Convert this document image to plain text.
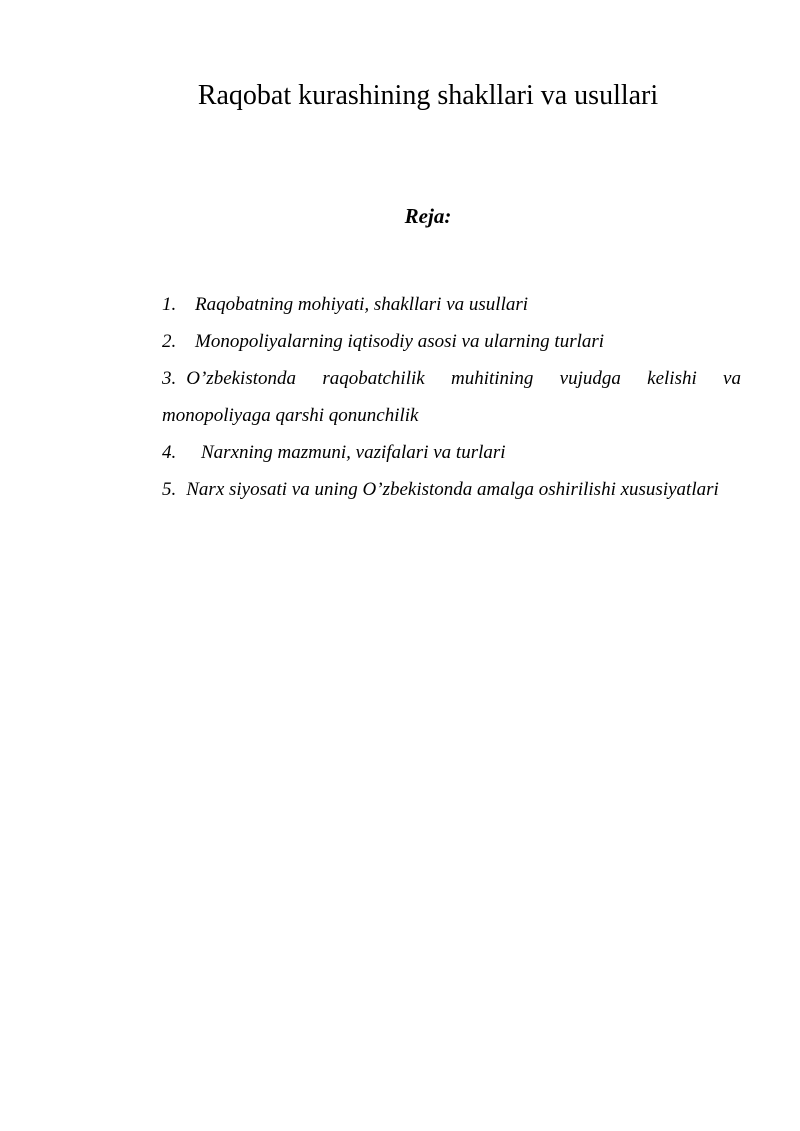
Raqobat kurashining shakllari va usullari
Reja:
1. Raqobatning mohiyati, shakllari va usullari
2. Monopoliyalarning iqtisodiy asosi va ularning turlari
3. O’zbekistonda raqobatchilik muhitining vujudga kelishi va monopoliyaga qarshi qonunchilik
4. Narxning mazmuni, vazifalari va turlari
5. Narx siyosati va uning O’zbekistonda amalga oshirilishi xususiyatlari
